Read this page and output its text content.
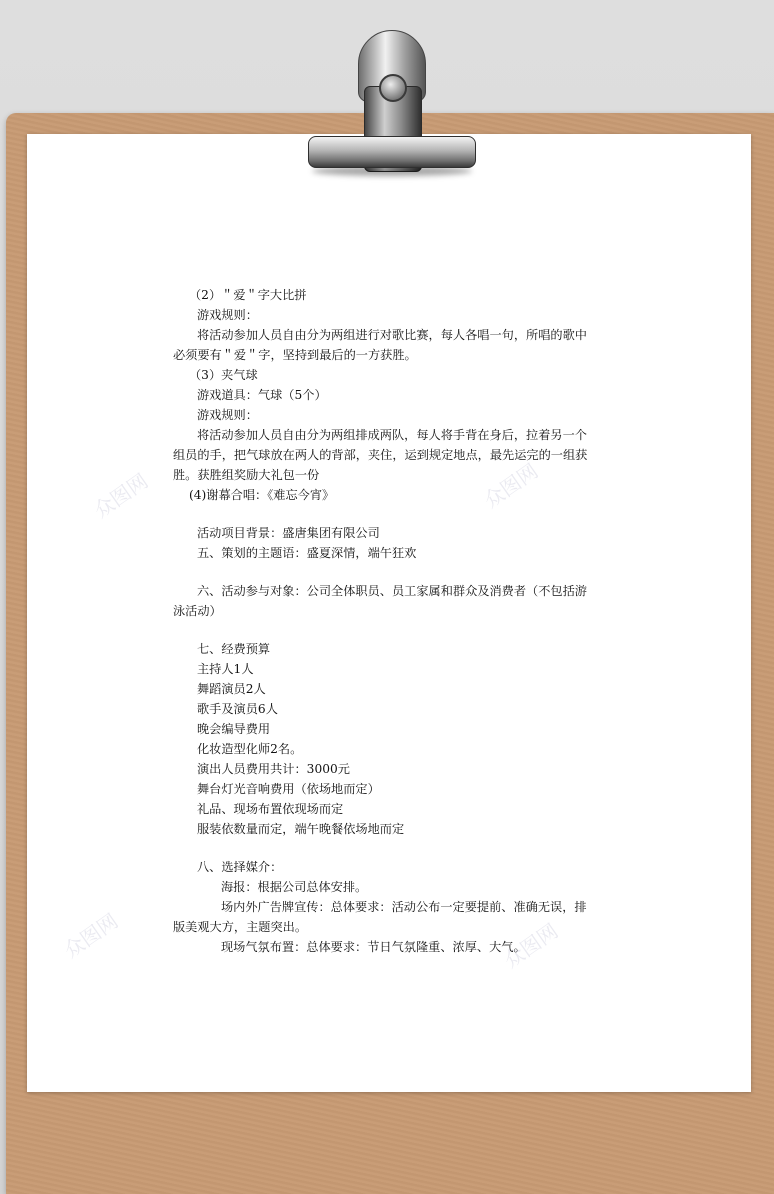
众图网	众图网
众图网	众图网

（2）＂爱＂字大比拼

游戏规则：

将活动参加人员自由分为两组进行对歌比赛，每人各唱一句，所唱的歌中

必须要有＂爱＂字，坚持到最后的一方获胜。

（3）夹气球

游戏道具：气球（5个）

游戏规则：

将活动参加人员自由分为两组排成两队，每人将手背在身后，拉着另一个

组员的手，把气球放在两人的背部，夹住，运到规定地点，最先运完的一组获

胜。获胜组奖励大礼包一份

(4)谢幕合唱：《难忘今宵》

活动项目背景：盛唐集团有限公司

五、策划的主题语：盛夏深情，端午狂欢

六、活动参与对象：公司全体职员、员工家属和群众及消费者（不包括游

泳活动）

七、经费预算

主持人1人

舞蹈演员2人

歌手及演员6人

晚会编导费用

化妆造型化师2名。

演出人员费用共计：3000元

舞台灯光音响费用（依场地而定）

礼品、现场布置依现场而定

服装依数量而定，端午晚餐依场地而定

八、选择媒介：

海报：根据公司总体安排。

场内外广告牌宣传：总体要求：活动公布一定要提前、准确无误，排

版美观大方，主题突出。

现场气氛布置：总体要求：节日气氛隆重、浓厚、大气。
